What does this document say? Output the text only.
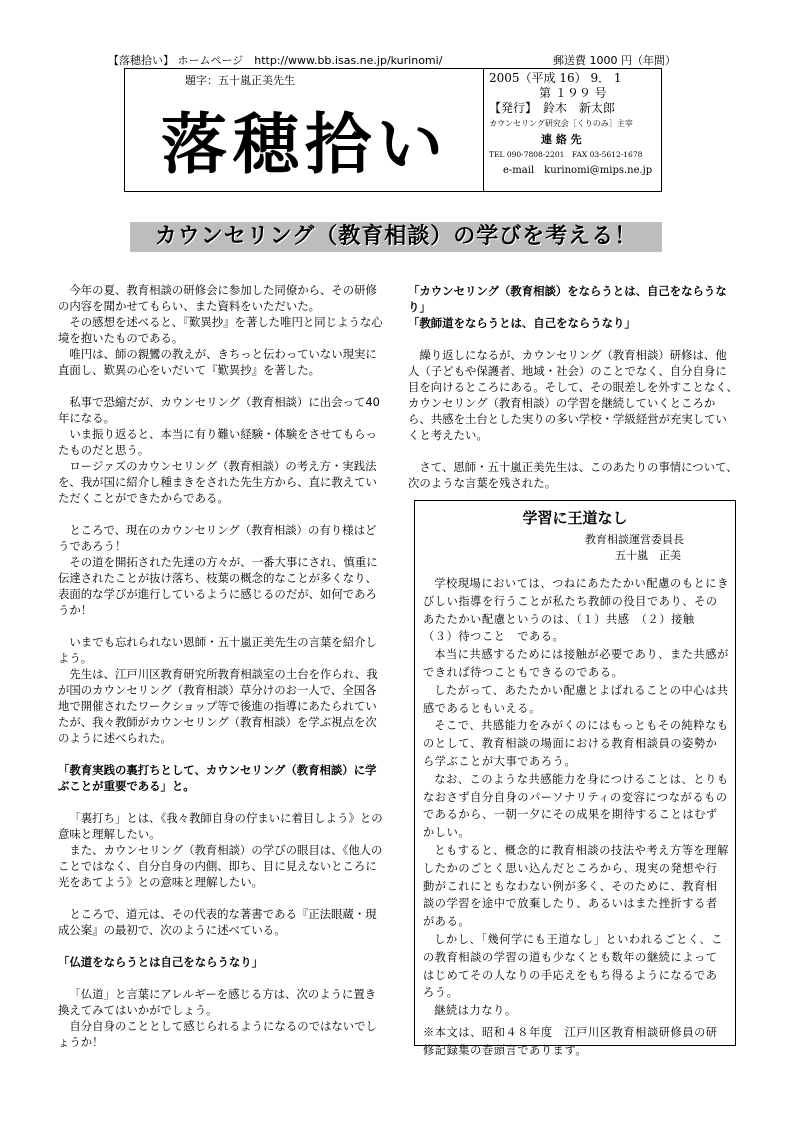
【落穂拾い】 ホームページ　http://www.bb.isas.ne.jp/kurinomi/	郵送費 1000 円（年間）
題字：五十嵐正美先生
落穂拾い
2005（平成 16） 9． 1
第 １９９ 号
【発行】　鈴木　新太郎
カウンセリング研究会［くりのみ］主宰
連 絡 先
TEL 090-7808-2201　FAX 03-5612-1678
e-mail　kurinomi@mips.ne.jp
カウンセリング（教育相談）の学びを考える！

今年の夏、教育相談の研修会に参加した同僚から、その研修の内容を聞かせてもらい、また資料をいただいた。

その感想を述べると、『歎異抄』を著した唯円と同じような心境を抱いたものである。

唯円は、師の親鸞の教えが、きちっと伝わっていない現実に直面し、歎異の心をいだいて『歎異抄』を著した。

私事で恐縮だが、カウンセリング（教育相談）に出会って40年になる。

いま振り返ると、本当に有り難い経験・体験をさせてもらったものだと思う。

ロージァズのカウンセリング（教育相談）の考え方・実践法を、我が国に紹介し種まきをされた先生方から、直に教えていただくことができたからである。

ところで、現在のカウンセリング（教育相談）の有り様はどうであろう！

その道を開拓された先達の方々が、一番大事にされ、慎重に伝達されたことが抜け落ち、枝葉の概念的なことが多くなり、表面的な学びが進行しているように感じるのだが、如何であろうか！

いまでも忘れられない恩師・五十嵐正美先生の言葉を紹介しよう。

先生は、江戸川区教育研究所教育相談室の土台を作られ、我が国のカウンセリング（教育相談）草分けのお一人で、全国各地で開催されたワークショップ等で後進の指導にあたられていたが、我々教師がカウンセリング（教育相談）を学ぶ視点を次のように述べられた。

「教育実践の裏打ちとして、カウンセリング（教育相談）に学ぶことが重要である」と。

「裏打ち」とは、《我々教師自身の佇まいに着目しよう》との意味と理解したい。

また、カウンセリング（教育相談）の学びの眼目は、《他人のことではなく、自分自身の内側、即ち、目に見えないところに光をあてよう》との意味と理解したい。

ところで、道元は、その代表的な著書である『正法眼蔵・現成公案』の最初で、次のように述べている。

「仏道をならうとは自己をならうなり」

「仏道」と言葉にアレルギーを感じる方は、次のように置き換えてみてはいかがでしょう。

自分自身のこととして感じられるようになるのではないでしょうか！

「カウンセリング（教育相談）をならうとは、自己をならうなり」

「教師道をならうとは、自己をならうなり」

繰り返しになるが、カウンセリング（教育相談）研修は、他人（子どもや保護者、地域・社会）のことでなく、自分自身に目を向けるところにある。そして、その眼差しを外すことなく、カウンセリング（教育相談）の学習を継続していくところから、共感を土台とした実りの多い学校・学級経営が充実していくと考えたい。

さて、恩師・五十嵐正美先生は、このあたりの事情について、次のような言葉を残された。

学習に王道なし
教育相談運営委員長
五十嵐　正美

学校現場においては、つねにあたたかい配慮のもとにきびしい指導を行うことが私たち教師の役目であり、そのあたたかい配慮というのは、（１）共感　（２）接触　（３）待つこと　である。

本当に共感するためには接触が必要であり、また共感ができれば待つこともできるのである。

したがって、あたたかい配慮とよばれることの中心は共感であるともいえる。

そこで、共感能力をみがくのにはもっともその純粋なものとして、教育相談の場面における教育相談員の姿勢から学ぶことが大事であろう。

なお、このような共感能力を身につけることは、とりもなおさず自分自身のパーソナリティの変容につながるものであるから、一朝一夕にその成果を期待することはむずかしい。

ともすると、概念的に教育相談の技法や考え方等を理解したかのごとく思い込んだところから、現実の発想や行動がこれにともなわない例が多く、そのために、教育相談の学習を途中で放棄したり、あるいはまた挫折する者がある。

しかし、「幾何学にも王道なし」といわれるごとく、この教育相談の学習の道も少なくとも数年の継続によってはじめてその人なりの手応えをもち得るようになるであろう。

継続は力なり。

※本文は、昭和４８年度　江戸川区教育相談研修員の研修記録集の巻頭言であります。
